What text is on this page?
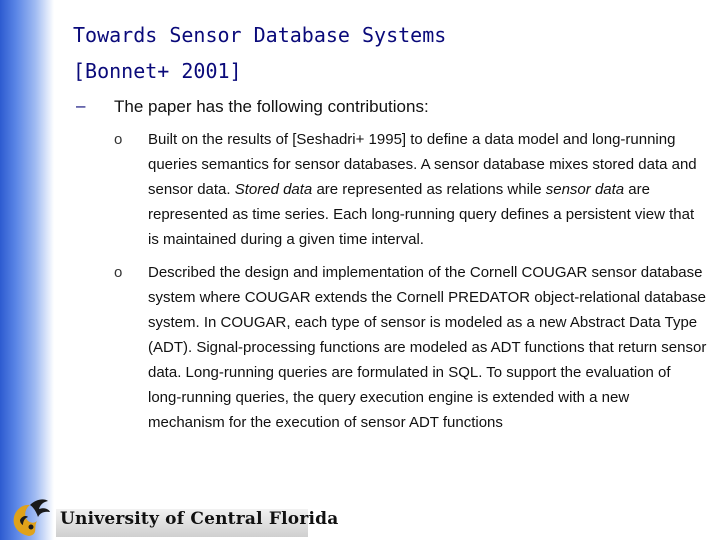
Towards Sensor Database Systems
[Bonnet+ 2001]
– The paper has the following contributions:
o Built on the results of [Seshadri+ 1995] to define a data model and long-running queries semantics for sensor databases. A sensor database mixes stored data and sensor data. Stored data are represented as relations while sensor data are represented as time series. Each long-running query defines a persistent view that is maintained during a given time interval.
o Described the design and implementation of the Cornell COUGAR sensor database system where COUGAR extends the Cornell PREDATOR object-relational database system. In COUGAR, each type of sensor is modeled as a new Abstract Data Type (ADT). Signal-processing functions are modeled as ADT functions that return sensor data. Long-running queries are formulated in SQL. To support the evaluation of long-running queries, the query execution engine is extended with a new mechanism for the execution of sensor ADT functions
University of Central Florida
